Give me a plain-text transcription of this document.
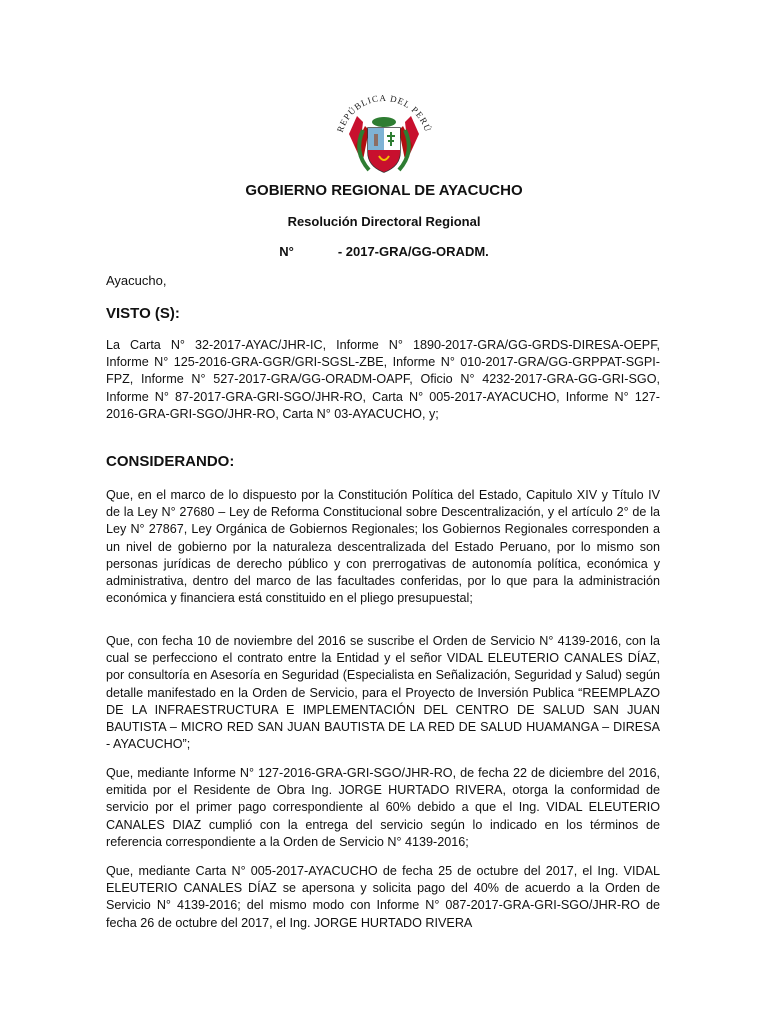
REPÚBLICA DEL PERÚ
GOBIERNO REGIONAL DE AYACUCHO
Resolución Directoral Regional
N°	- 2017-GRA/GG-ORADM.
Ayacucho,
VISTO (S):

La Carta N° 32-2017-AYAC/JHR-IC, Informe N° 1890-2017-GRA/GG-GRDS-DIRESA-OEPF, Informe N° 125-2016-GRA-GGR/GRI-SGSL-ZBE, Informe N° 010-2017-GRA/GG-GRPPAT-SGPI-FPZ, Informe N° 527-2017-GRA/GG-ORADM-OAPF, Oficio N° 4232-2017-GRA-GG-GRI-SGO, Informe N° 87-2017-GRA-GRI-SGO/JHR-RO, Carta N° 005-2017-AYACUCHO, Informe N° 127-2016-GRA-GRI-SGO/JHR-RO, Carta N° 03-AYACUCHO, y;

CONSIDERANDO:

Que, en el marco de lo dispuesto por la Constitución Política del Estado, Capitulo XIV y Título IV de la Ley N° 27680 – Ley de Reforma Constitucional sobre Descentralización, y el artículo 2° de la Ley N° 27867, Ley Orgánica de Gobiernos Regionales; los Gobiernos Regionales corresponden a un nivel de gobierno por la naturaleza descentralizada del Estado Peruano, por lo mismo son personas jurídicas de derecho público y con prerrogativas de autonomía política, económica y administrativa, dentro del marco de las facultades conferidas, por lo que para la administración económica y financiera está constituido en el pliego presupuestal;

Que, con fecha 10 de noviembre del 2016 se suscribe el Orden de Servicio N° 4139-2016, con la cual se perfecciono el contrato entre la Entidad y el señor VIDAL ELEUTERIO CANALES DÍAZ, por consultoría en Asesoría en Seguridad (Especialista en Señalización, Seguridad y Salud) según detalle manifestado en la Orden de Servicio, para el Proyecto de Inversión Publica “REEMPLAZO DE LA INFRAESTRUCTURA E IMPLEMENTACIÓN DEL CENTRO DE SALUD SAN JUAN BAUTISTA – MICRO RED SAN JUAN BAUTISTA DE LA RED DE SALUD HUAMANGA – DIRESA - AYACUCHO”;

Que, mediante Informe N° 127-2016-GRA-GRI-SGO/JHR-RO, de fecha 22 de diciembre del 2016, emitida por el Residente de Obra Ing. JORGE HURTADO RIVERA, otorga la conformidad de servicio por el primer pago correspondiente al 60% debido a que el Ing. VIDAL ELEUTERIO CANALES DIAZ cumplió con la entrega del servicio según lo indicado en los términos de referencia correspondiente a la Orden de Servicio N° 4139-2016;

Que, mediante Carta N° 005-2017-AYACUCHO de fecha 25 de octubre del 2017, el Ing. VIDAL ELEUTERIO CANALES DÍAZ se apersona y solicita pago del 40% de acuerdo a la Orden de Servicio N° 4139-2016; del mismo modo con Informe N° 087-2017-GRA-GRI-SGO/JHR-RO de fecha 26 de octubre del 2017, el Ing. JORGE HURTADO RIVERA
